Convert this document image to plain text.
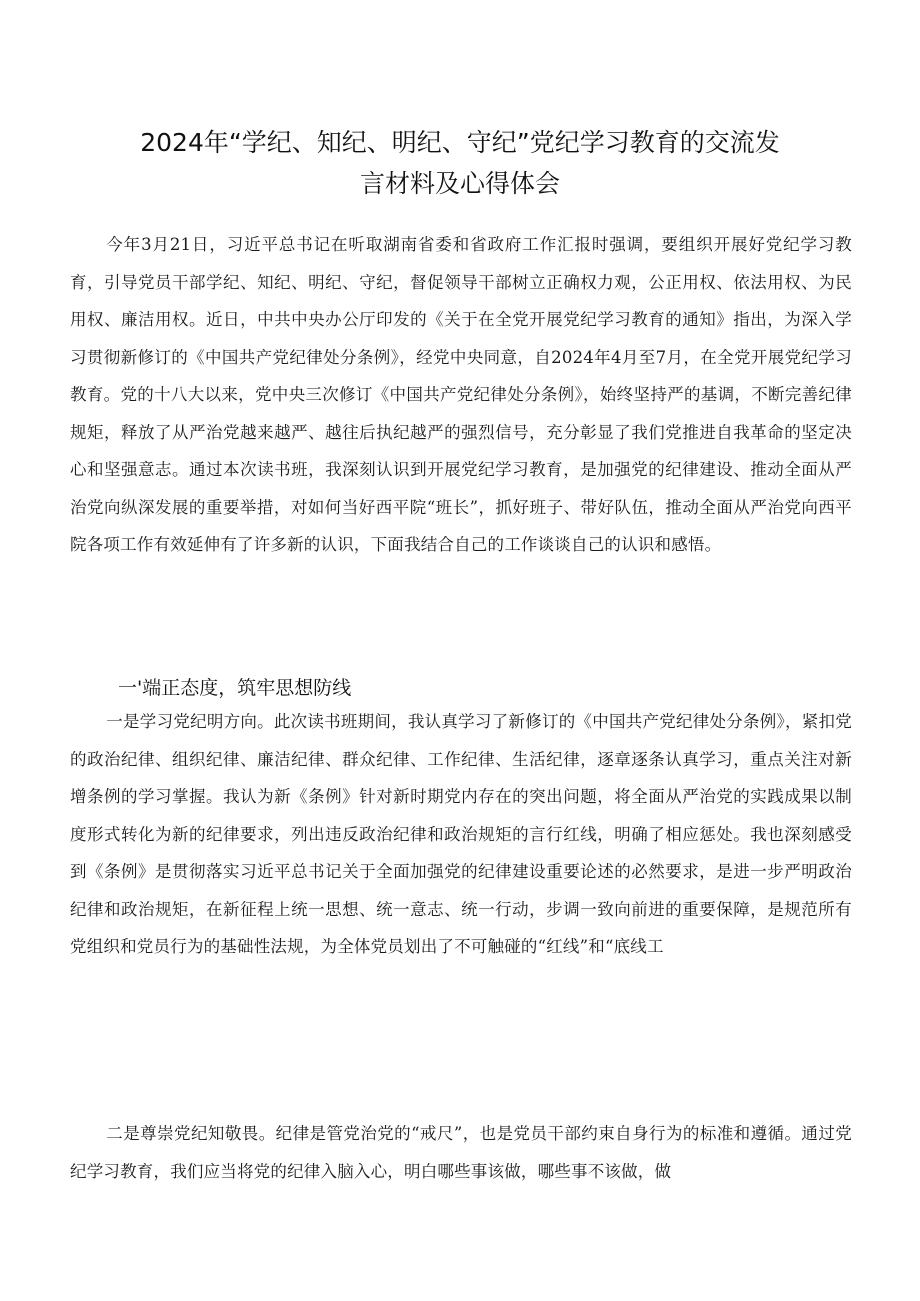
2024年“学纪、知纪、明纪、守纪”党纪学习教育的交流发
言材料及心得体会

今年3月21日，习近平总书记在听取湖南省委和省政府工作汇报时强调，要组织开展好党纪学习教育，引导党员干部学纪、知纪、明纪、守纪，督促领导干部树立正确权力观，公正用权、依法用权、为民用权、廉洁用权。近日，中共中央办公厅印发的《关于在全党开展党纪学习教育的通知》指出，为深入学习贯彻新修订的《中国共产党纪律处分条例》，经党中央同意，自2024年4月至7月，在全党开展党纪学习教育。党的十八大以来，党中央三次修订《中国共产党纪律处分条例》，始终坚持严的基调，不断完善纪律规矩，释放了从严治党越来越严、越往后执纪越严的强烈信号，充分彰显了我们党推进自我革命的坚定决心和坚强意志。通过本次读书班，我深刻认识到开展党纪学习教育，是加强党的纪律建设、推动全面从严治党向纵深发展的重要举措，对如何当好西平院“班长”，抓好班子、带好队伍，推动全面从严治党向西平院各项工作有效延伸有了许多新的认识，下面我结合自己的工作谈谈自己的认识和感悟。

一'端正态度，筑牢思想防线

一是学习党纪明方向。此次读书班期间，我认真学习了新修订的《中国共产党纪律处分条例》，紧扣党的政治纪律、组织纪律、廉洁纪律、群众纪律、工作纪律、生活纪律，逐章逐条认真学习，重点关注对新增条例的学习掌握。我认为新《条例》针对新时期党内存在的突出问题，将全面从严治党的实践成果以制度形式转化为新的纪律要求，列出违反政治纪律和政治规矩的言行红线，明确了相应惩处。我也深刻感受到《条例》是贯彻落实习近平总书记关于全面加强党的纪律建设重要论述的必然要求，是进一步严明政治纪律和政治规矩，在新征程上统一思想、统一意志、统一行动，步调一致向前进的重要保障，是规范所有党组织和党员行为的基础性法规，为全体党员划出了不可触碰的“红线”和“底线工

二是尊崇党纪知敬畏。纪律是管党治党的“戒尺”，也是党员干部约束自身行为的标准和遵循。通过党纪学习教育，我们应当将党的纪律入脑入心，明白哪些事该做，哪些事不该做，做
